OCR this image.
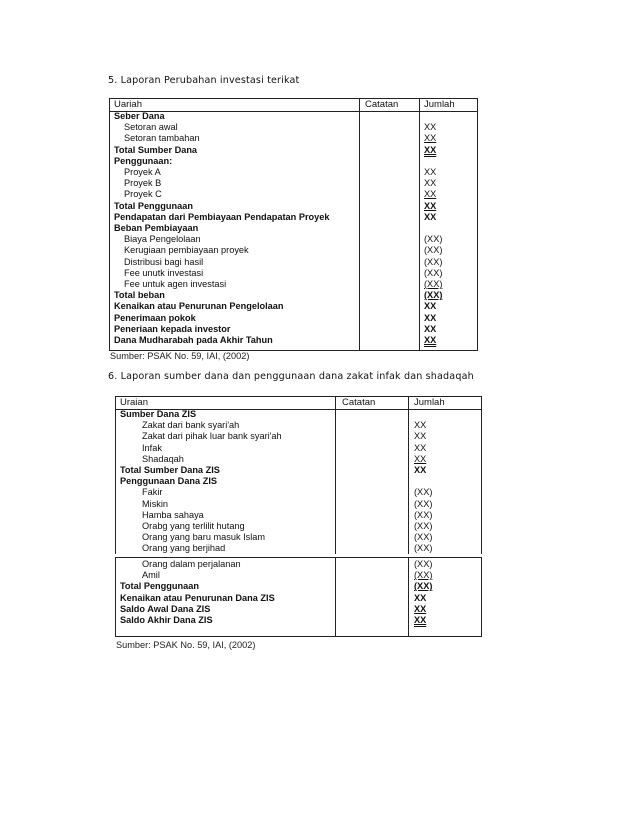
5. Laporan Perubahan investasi terikat
Uariah	Catatan	Jumlah
Seber Dana
Setoran awal	XX
Setoran tambahan	XX
Total Sumber Dana	XX
Penggunaan:
Proyek A	XX
Proyek B	XX
Proyek C	XX
Total Penggunaan	XX
Pendapatan dari Pembiayaan Pendapatan Proyek	XX
Beban Pembiayaan
Biaya Pengelolaan	(XX)
Kerugiaan pembiayaan proyek	(XX)
Distribusi bagi hasil	(XX)
Fee unutk investasi	(XX)
Fee untuk agen investasi	(XX)
Total beban	(XX)
Kenaikan atau Penurunan Pengelolaan	XX
Penerimaan pokok	XX
Peneriaan kepada investor	XX
Dana Mudharabah pada Akhir Tahun	XX
Sumber: PSAK No. 59, IAI, (2002)
6. Laporan sumber dana dan penggunaan dana zakat infak dan shadaqah
Uraian	Catatan	Jumlah
Sumber Dana ZIS
Zakat dari bank syari'ah	XX
Zakat dari pihak luar bank syari'ah	XX
Infak	XX
Shadaqah	XX
Total Sumber Dana ZIS	XX
Penggunaan Dana ZIS
Fakir	(XX)
Miskin	(XX)
Hamba sahaya	(XX)
Orabg yang terlilit hutang	(XX)
Orang yang baru masuk Islam	(XX)
Orang yang berjihad	(XX)
Orang dalam perjalanan	(XX)
Amil	(XX)
Total Penggunaan	(XX)
Kenaikan atau Penurunan Dana ZIS	XX
Saldo Awal Dana ZIS	XX
Saldo Akhir Dana ZIS	XX
Sumber: PSAK No. 59, IAI, (2002)
